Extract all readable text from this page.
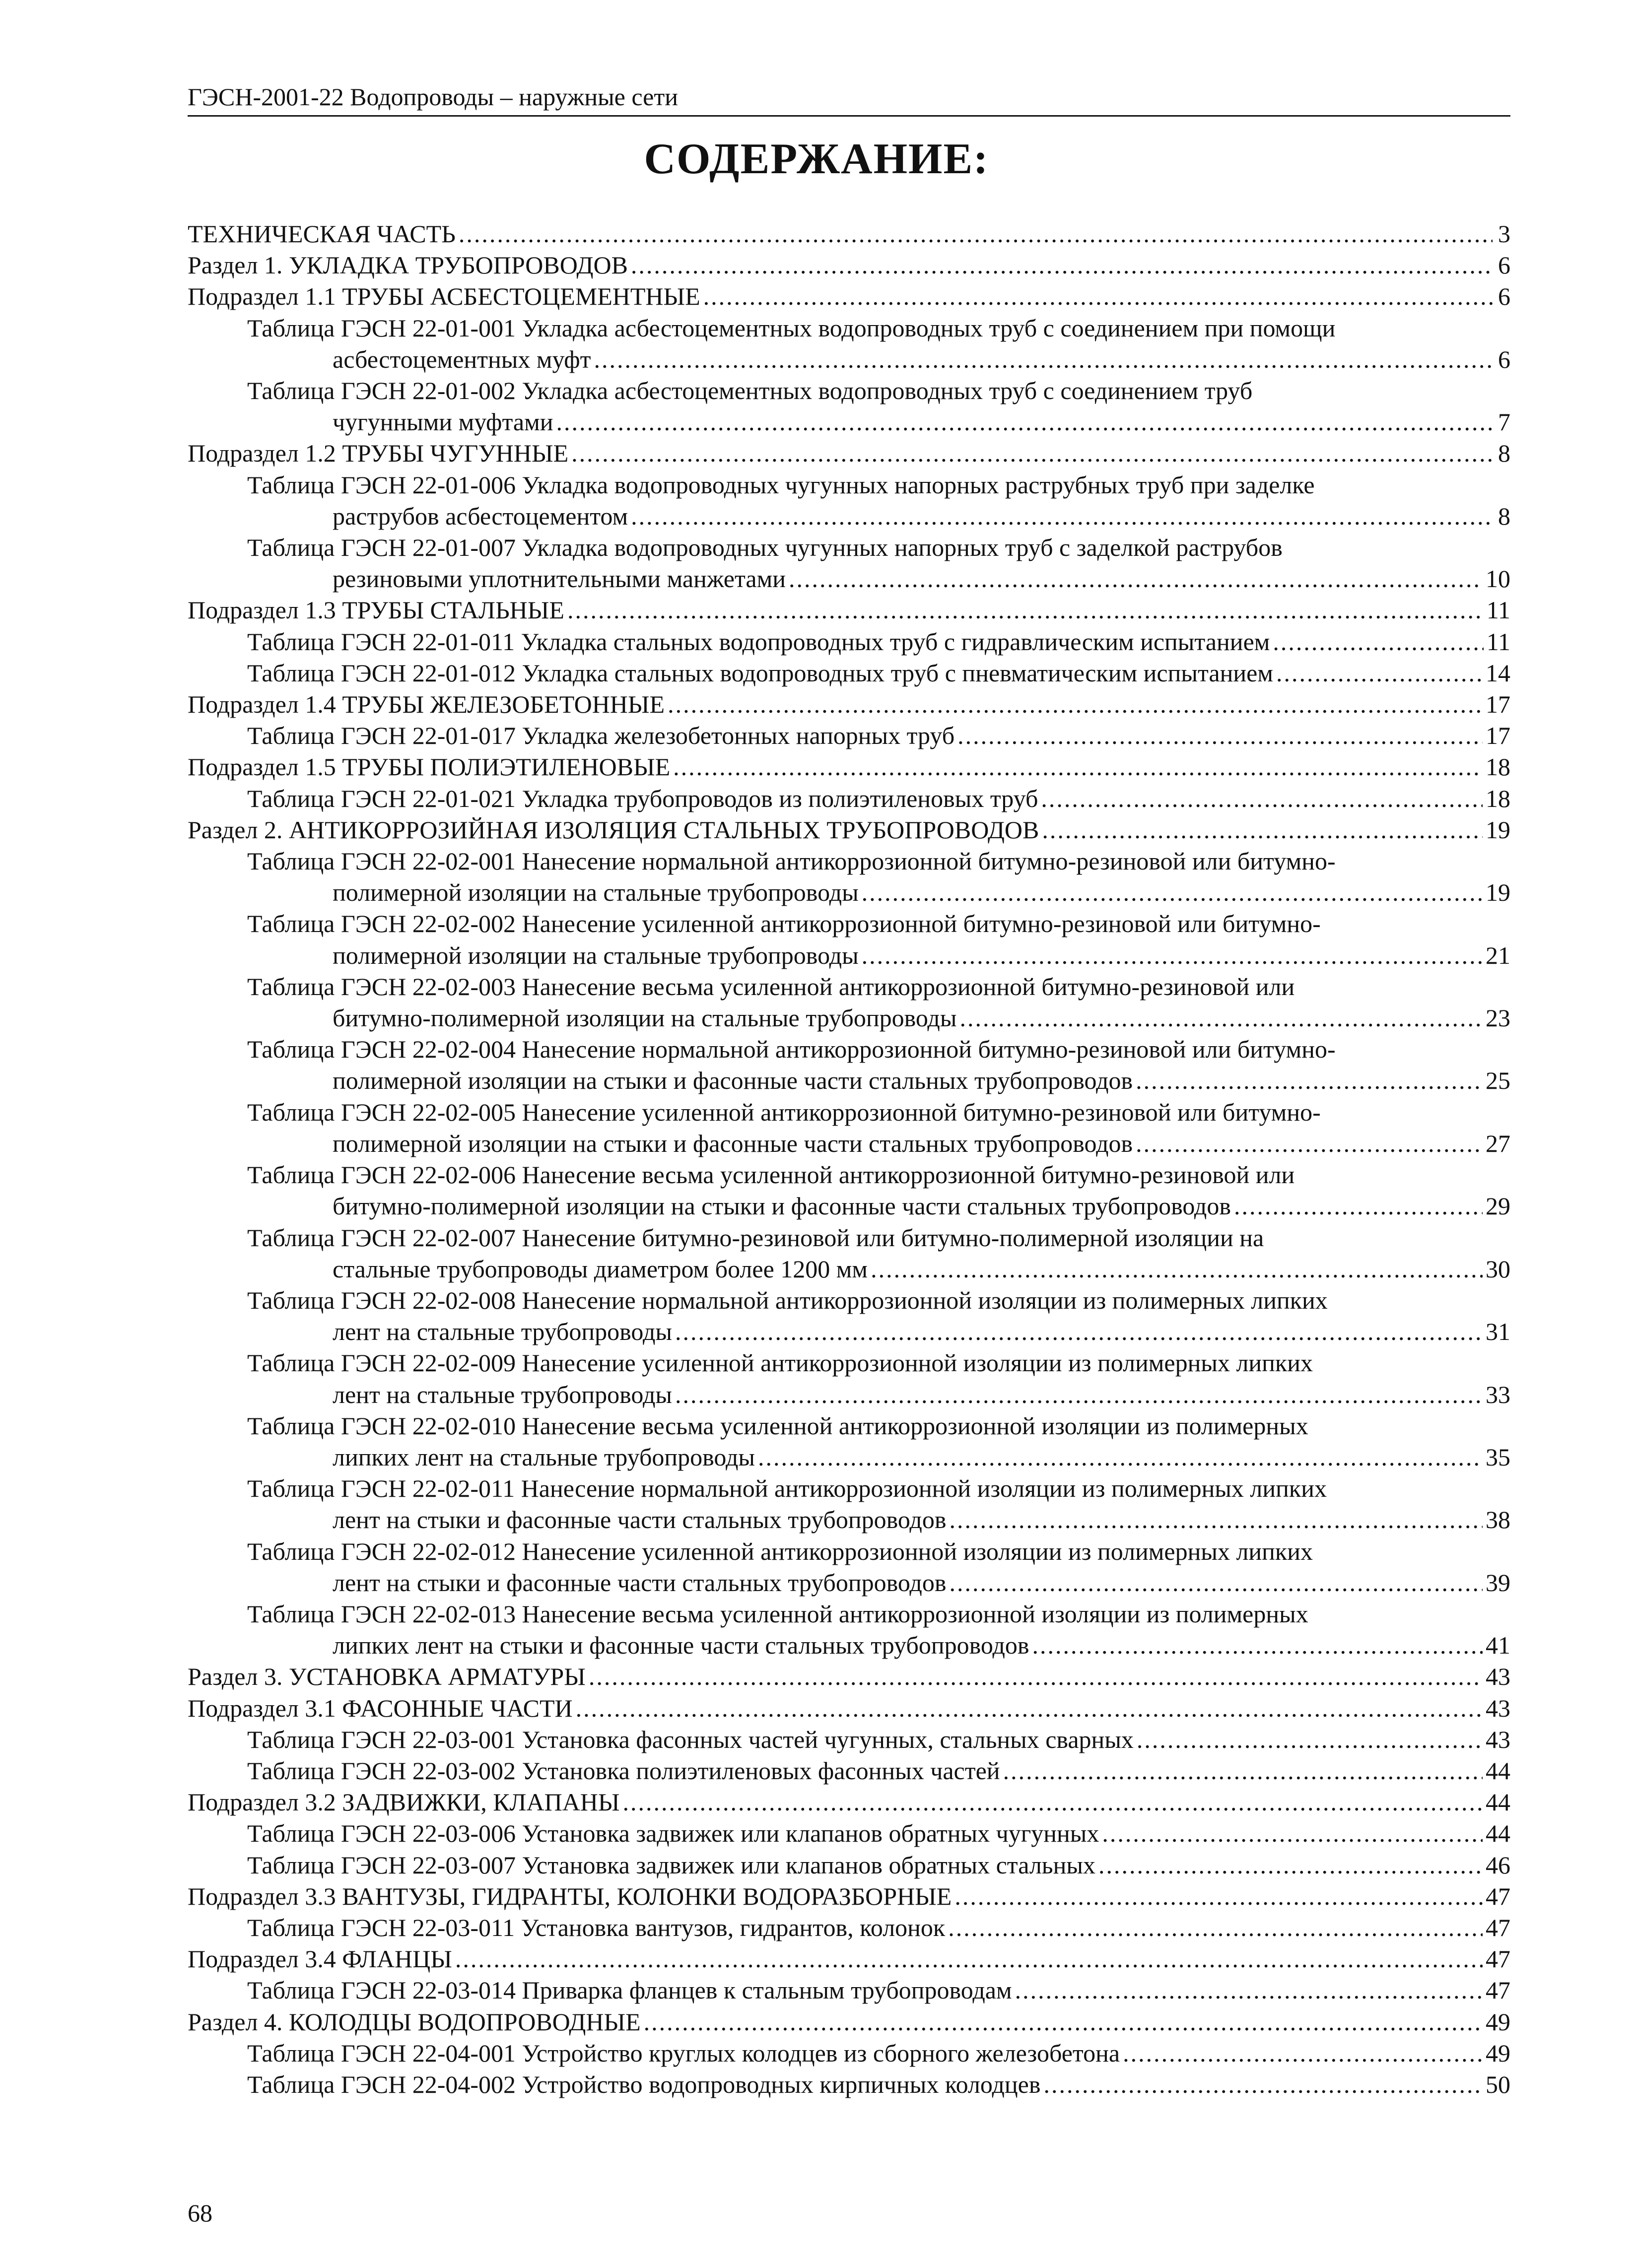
ГЭСН-2001-22 Водопроводы – наружные сети
СОДЕРЖАНИЕ:
ТЕХНИЧЕСКАЯ ЧАСТЬ .....	3
Раздел 1. УКЛАДКА ТРУБОПРОВОДОВ .....	6
Подраздел 1.1 ТРУБЫ АСБЕСТОЦЕМЕНТНЫЕ .....	6
Таблица ГЭСН 22-01-001 Укладка асбестоцементных водопроводных труб с соединением при помощи
асбестоцементных муфт .....	6
Таблица ГЭСН 22-01-002 Укладка асбестоцементных водопроводных труб с соединением труб
чугунными муфтами .....	7
Подраздел 1.2 ТРУБЫ ЧУГУННЫЕ .....	8
Таблица ГЭСН 22-01-006 Укладка водопроводных чугунных напорных раструбных труб при заделке
раструбов асбестоцементом .....	8
Таблица ГЭСН 22-01-007 Укладка водопроводных чугунных напорных труб с заделкой раструбов
резиновыми уплотнительными манжетами .....	10
Подраздел 1.3 ТРУБЫ СТАЛЬНЫЕ .....	11
Таблица ГЭСН 22-01-011 Укладка стальных водопроводных труб с гидравлическим испытанием .....	11
Таблица ГЭСН 22-01-012 Укладка стальных водопроводных труб с пневматическим испытанием .....	14
Подраздел 1.4 ТРУБЫ ЖЕЛЕЗОБЕТОННЫЕ .....	17
Таблица ГЭСН 22-01-017 Укладка железобетонных напорных труб .....	17
Подраздел 1.5 ТРУБЫ ПОЛИЭТИЛЕНОВЫЕ .....	18
Таблица ГЭСН 22-01-021 Укладка трубопроводов из полиэтиленовых труб .....	18
Раздел 2. АНТИКОРРОЗИЙНАЯ ИЗОЛЯЦИЯ СТАЛЬНЫХ ТРУБОПРОВОДОВ .....	19
Таблица ГЭСН 22-02-001 Нанесение нормальной антикоррозионной битумно-резиновой или битумно-
полимерной изоляции на стальные трубопроводы .....	19
Таблица ГЭСН 22-02-002 Нанесение усиленной антикоррозионной битумно-резиновой или битумно-
полимерной изоляции на стальные трубопроводы .....	21
Таблица ГЭСН 22-02-003 Нанесение весьма усиленной антикоррозионной битумно-резиновой или
битумно-полимерной изоляции на стальные трубопроводы .....	23
Таблица ГЭСН 22-02-004 Нанесение нормальной антикоррозионной битумно-резиновой или битумно-
полимерной изоляции на стыки и фасонные части стальных трубопроводов .....	25
Таблица ГЭСН 22-02-005 Нанесение усиленной антикоррозионной битумно-резиновой или битумно-
полимерной изоляции на стыки и фасонные части стальных трубопроводов .....	27
Таблица ГЭСН 22-02-006 Нанесение весьма усиленной антикоррозионной битумно-резиновой или
битумно-полимерной изоляции на стыки и фасонные части стальных трубопроводов .....	29
Таблица ГЭСН 22-02-007 Нанесение битумно-резиновой или битумно-полимерной изоляции на
стальные трубопроводы диаметром более 1200 мм .....	30
Таблица ГЭСН 22-02-008 Нанесение нормальной антикоррозионной изоляции из полимерных липких
лент на стальные трубопроводы .....	31
Таблица ГЭСН 22-02-009 Нанесение усиленной антикоррозионной изоляции из полимерных липких
лент на стальные трубопроводы .....	33
Таблица ГЭСН 22-02-010 Нанесение весьма усиленной антикоррозионной изоляции из полимерных
липких лент на стальные трубопроводы .....	35
Таблица ГЭСН 22-02-011 Нанесение нормальной антикоррозионной изоляции из полимерных липких
лент на стыки и фасонные части стальных трубопроводов .....	38
Таблица ГЭСН 22-02-012 Нанесение усиленной антикоррозионной изоляции из полимерных липких
лент на стыки и фасонные части стальных трубопроводов .....	39
Таблица ГЭСН 22-02-013 Нанесение весьма усиленной антикоррозионной изоляции из полимерных
липких лент на стыки и фасонные части стальных трубопроводов .....	41
Раздел 3. УСТАНОВКА АРМАТУРЫ .....	43
Подраздел 3.1 ФАСОННЫЕ ЧАСТИ .....	43
Таблица ГЭСН 22-03-001 Установка фасонных частей чугунных, стальных сварных .....	43
Таблица ГЭСН 22-03-002 Установка полиэтиленовых фасонных частей .....	44
Подраздел 3.2 ЗАДВИЖКИ, КЛАПАНЫ .....	44
Таблица ГЭСН 22-03-006 Установка задвижек или клапанов обратных чугунных .....	44
Таблица ГЭСН 22-03-007 Установка задвижек или клапанов обратных стальных .....	46
Подраздел 3.3 ВАНТУЗЫ, ГИДРАНТЫ, КОЛОНКИ ВОДОРАЗБОРНЫЕ .....	47
Таблица ГЭСН 22-03-011 Установка вантузов, гидрантов, колонок .....	47
Подраздел 3.4 ФЛАНЦЫ .....	47
Таблица ГЭСН 22-03-014 Приварка фланцев к стальным трубопроводам .....	47
Раздел 4. КОЛОДЦЫ ВОДОПРОВОДНЫЕ .....	49
Таблица ГЭСН 22-04-001 Устройство круглых колодцев из сборного железобетона .....	49
Таблица ГЭСН 22-04-002 Устройство водопроводных кирпичных колодцев .....	50
68
